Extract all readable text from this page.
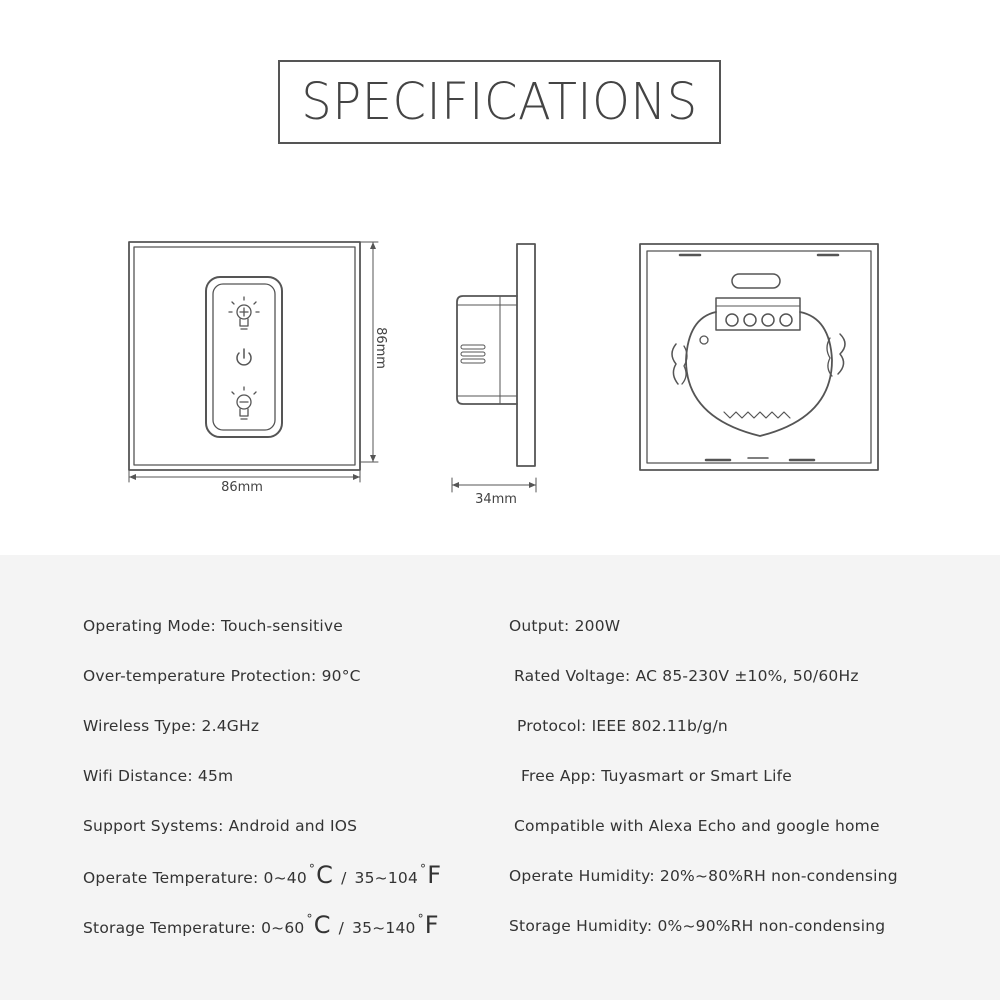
SPECIFICATIONS
86mm
86mm
34mm
Operating Mode: Touch-sensitive	Output: 200W
Over-temperature Protection: 90°C	Rated Voltage: AC 85-230V ±10%, 50/60Hz
Wireless Type: 2.4GHz	Protocol: IEEE 802.11b/g/n
Wifi Distance: 45m	Free App: Tuyasmart or Smart Life
Support Systems: Android and IOS	Compatible with Alexa Echo and google home
Operate Temperature: 0~40 ° C / 35~104 ° F	Operate Humidity: 20%~80%RH non-condensing
Storage Temperature: 0~60 ° C / 35~140 ° F	Storage Humidity: 0%~90%RH non-condensing
